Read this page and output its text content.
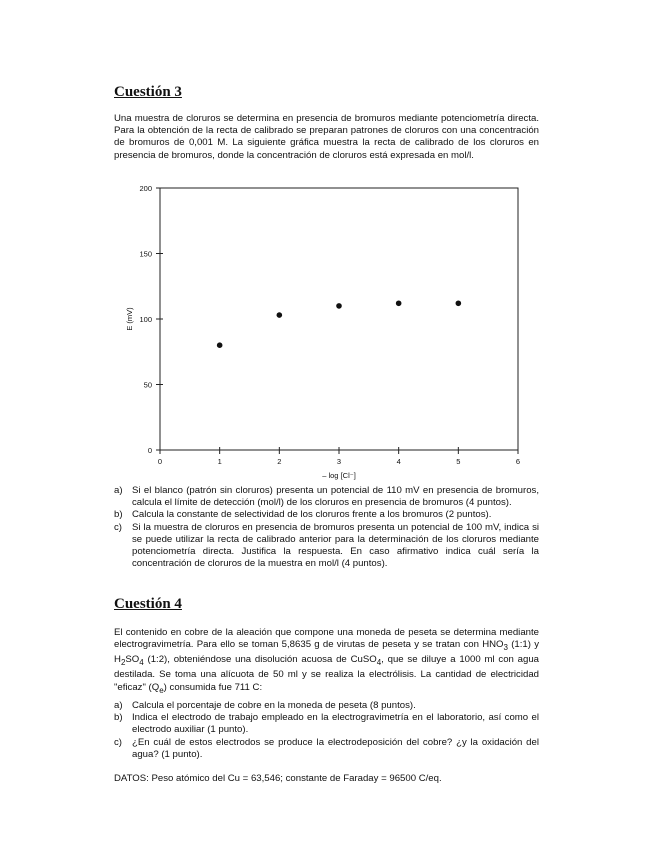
Cuestión 3

Una muestra de cloruros se determina en presencia de bromuros mediante potenciometría directa. Para la obtención de la recta de calibrado se preparan patrones de cloruros con una concentración de bromuros de 0,001 M. La siguiente gráfica muestra la recta de calibrado de los cloruros en presencia de bromuros, donde la concentración de cloruros está expresada en mol/l.

0
50
100
150
200
0	1	2	3	4	5	6
– log [Cl⁻]
E (mV)
a) Si el blanco (patrón sin cloruros) presenta un potencial de 110 mV en presencia de bromuros, calcula el límite de detección (mol/l) de los cloruros en presencia de bromuros (4 puntos).
b) Calcula la constante de selectividad de los cloruros frente a los bromuros (2 puntos).
c) Si la muestra de cloruros en presencia de bromuros presenta un potencial de 100 mV, indica si se puede utilizar la recta de calibrado anterior para la determinación de los cloruros mediante potenciometría directa. Justifica la respuesta. En caso afirmativo indica cuál sería la concentración de cloruros de la muestra en mol/l (4 puntos).
Cuestión 4

El contenido en cobre de la aleación que compone una moneda de peseta se determina mediante electrogravimetría. Para ello se toman 5,8635 g de virutas de peseta y se tratan con $HNO_3$ (1:1) y $H_2SO_4$ (1:2), obteniéndose una disolución acuosa de CuSO$_4$, que se diluye a 1000 ml con agua destilada. Se toma una alícuota de 50 ml y se realiza la electrólisis. La cantidad de electricidad "eficaz" $(Q_e)$ consumida fue 711 C:

a) Calcula el porcentaje de cobre en la moneda de peseta (8 puntos).
b) Indica el electrodo de trabajo empleado en la electrogravimetría en el laboratorio, así como el electrodo auxiliar (1 punto).
c) ¿En cuál de estos electrodos se produce la electrodeposición del cobre? ¿y la oxidación del agua? (1 punto).
DATOS: Peso atómico del Cu = 63,546; constante de Faraday = 96500 C/eq.
